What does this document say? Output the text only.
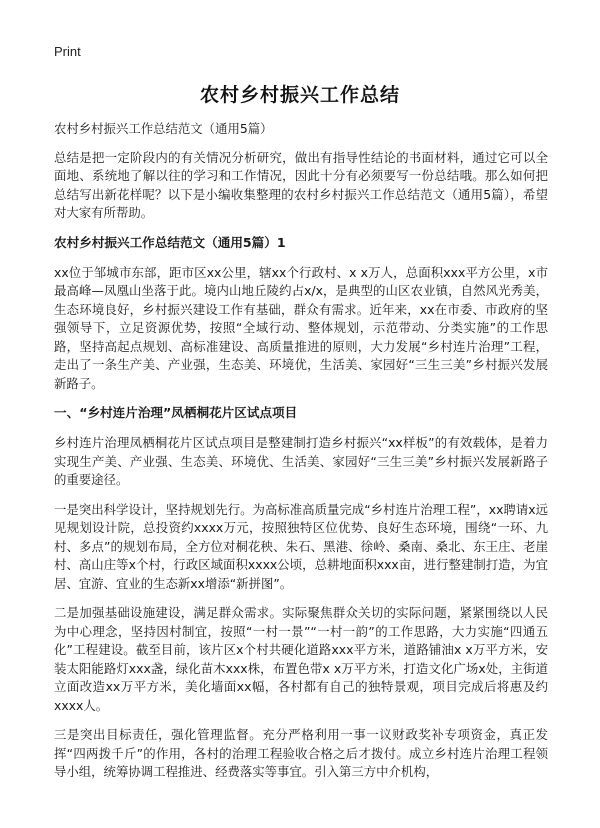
Print
农村乡村振兴工作总结

农村乡村振兴工作总结范文（通用5篇）

总结是把一定阶段内的有关情况分析研究，做出有指导性结论的书面材料，通过它可以全面地、系统地了解以往的学习和工作情况，因此十分有必须要写一份总结哦。那么如何把总结写出新花样呢？以下是小编收集整理的农村乡村振兴工作总结范文（通用5篇），希望对大家有所帮助。

农村乡村振兴工作总结范文（通用5篇）1

xx位于邹城市东部，距市区xx公里，辖xx个行政村、x x万人，总面积xxx平方公里，x市最高峰—凤凰山坐落于此。境内山地丘陵约占x/x，是典型的山区农业镇，自然风光秀美，生态环境良好，乡村振兴建设工作有基础，群众有需求。近年来，xx在市委、市政府的坚强领导下，立足资源优势，按照“全域行动、整体规划，示范带动、分类实施”的工作思路，坚持高起点规划、高标准建设、高质量推进的原则，大力发展“乡村连片治理”工程，走出了一条生产美、产业强，生态美、环境优，生活美、家园好“三生三美”乡村振兴发展新路子。

一、“乡村连片治理”凤栖桐花片区试点项目

乡村连片治理凤栖桐花片区试点项目是整建制打造乡村振兴“xx样板”的有效载体，是着力实现生产美、产业强、生态美、环境优、生活美、家园好“三生三美”乡村振兴发展新路子的重要途径。

一是突出科学设计，坚持规划先行。为高标准高质量完成“乡村连片治理工程”，xx聘请x远见规划设计院，总投资约xxxx万元，按照独特区位优势、良好生态环境，围绕“一环、九村、多点”的规划布局，全方位对桐花秧、朱石、黑港、徐岭、桑南、桑北、东王庄、老崖村、高山庄等x个村，行政区域面积xxxx公顷，总耕地面积xxx亩，进行整建制打造，为宜居、宜游、宜业的生态新xx增添“新拼图”。

二是加强基础设施建设，满足群众需求。实际聚焦群众关切的实际问题，紧紧围绕以人民为中心理念，坚持因村制宜，按照“一村一景”“一村一韵”的工作思路，大力实施“四通五化”工程建设。截至目前，该片区x个村共硬化道路xxx平方米，道路铺油x x万平方米，安装太阳能路灯xxx盏，绿化苗木xxx株，布置色带x x万平方米，打造文化广场x处，主街道立面改造xx万平方米，美化墙面xx幅，各村都有自己的独特景观，项目完成后将惠及约xxxx人。

三是突出目标责任，强化管理监督。充分严格利用一事一议财政奖补专项资金，真正发挥“四两拨千斤”的作用，各村的治理工程验收合格之后才拨付。成立乡村连片治理工程领导小组，统筹协调工程推进、经费落实等事宜。引入第三方中介机构，
